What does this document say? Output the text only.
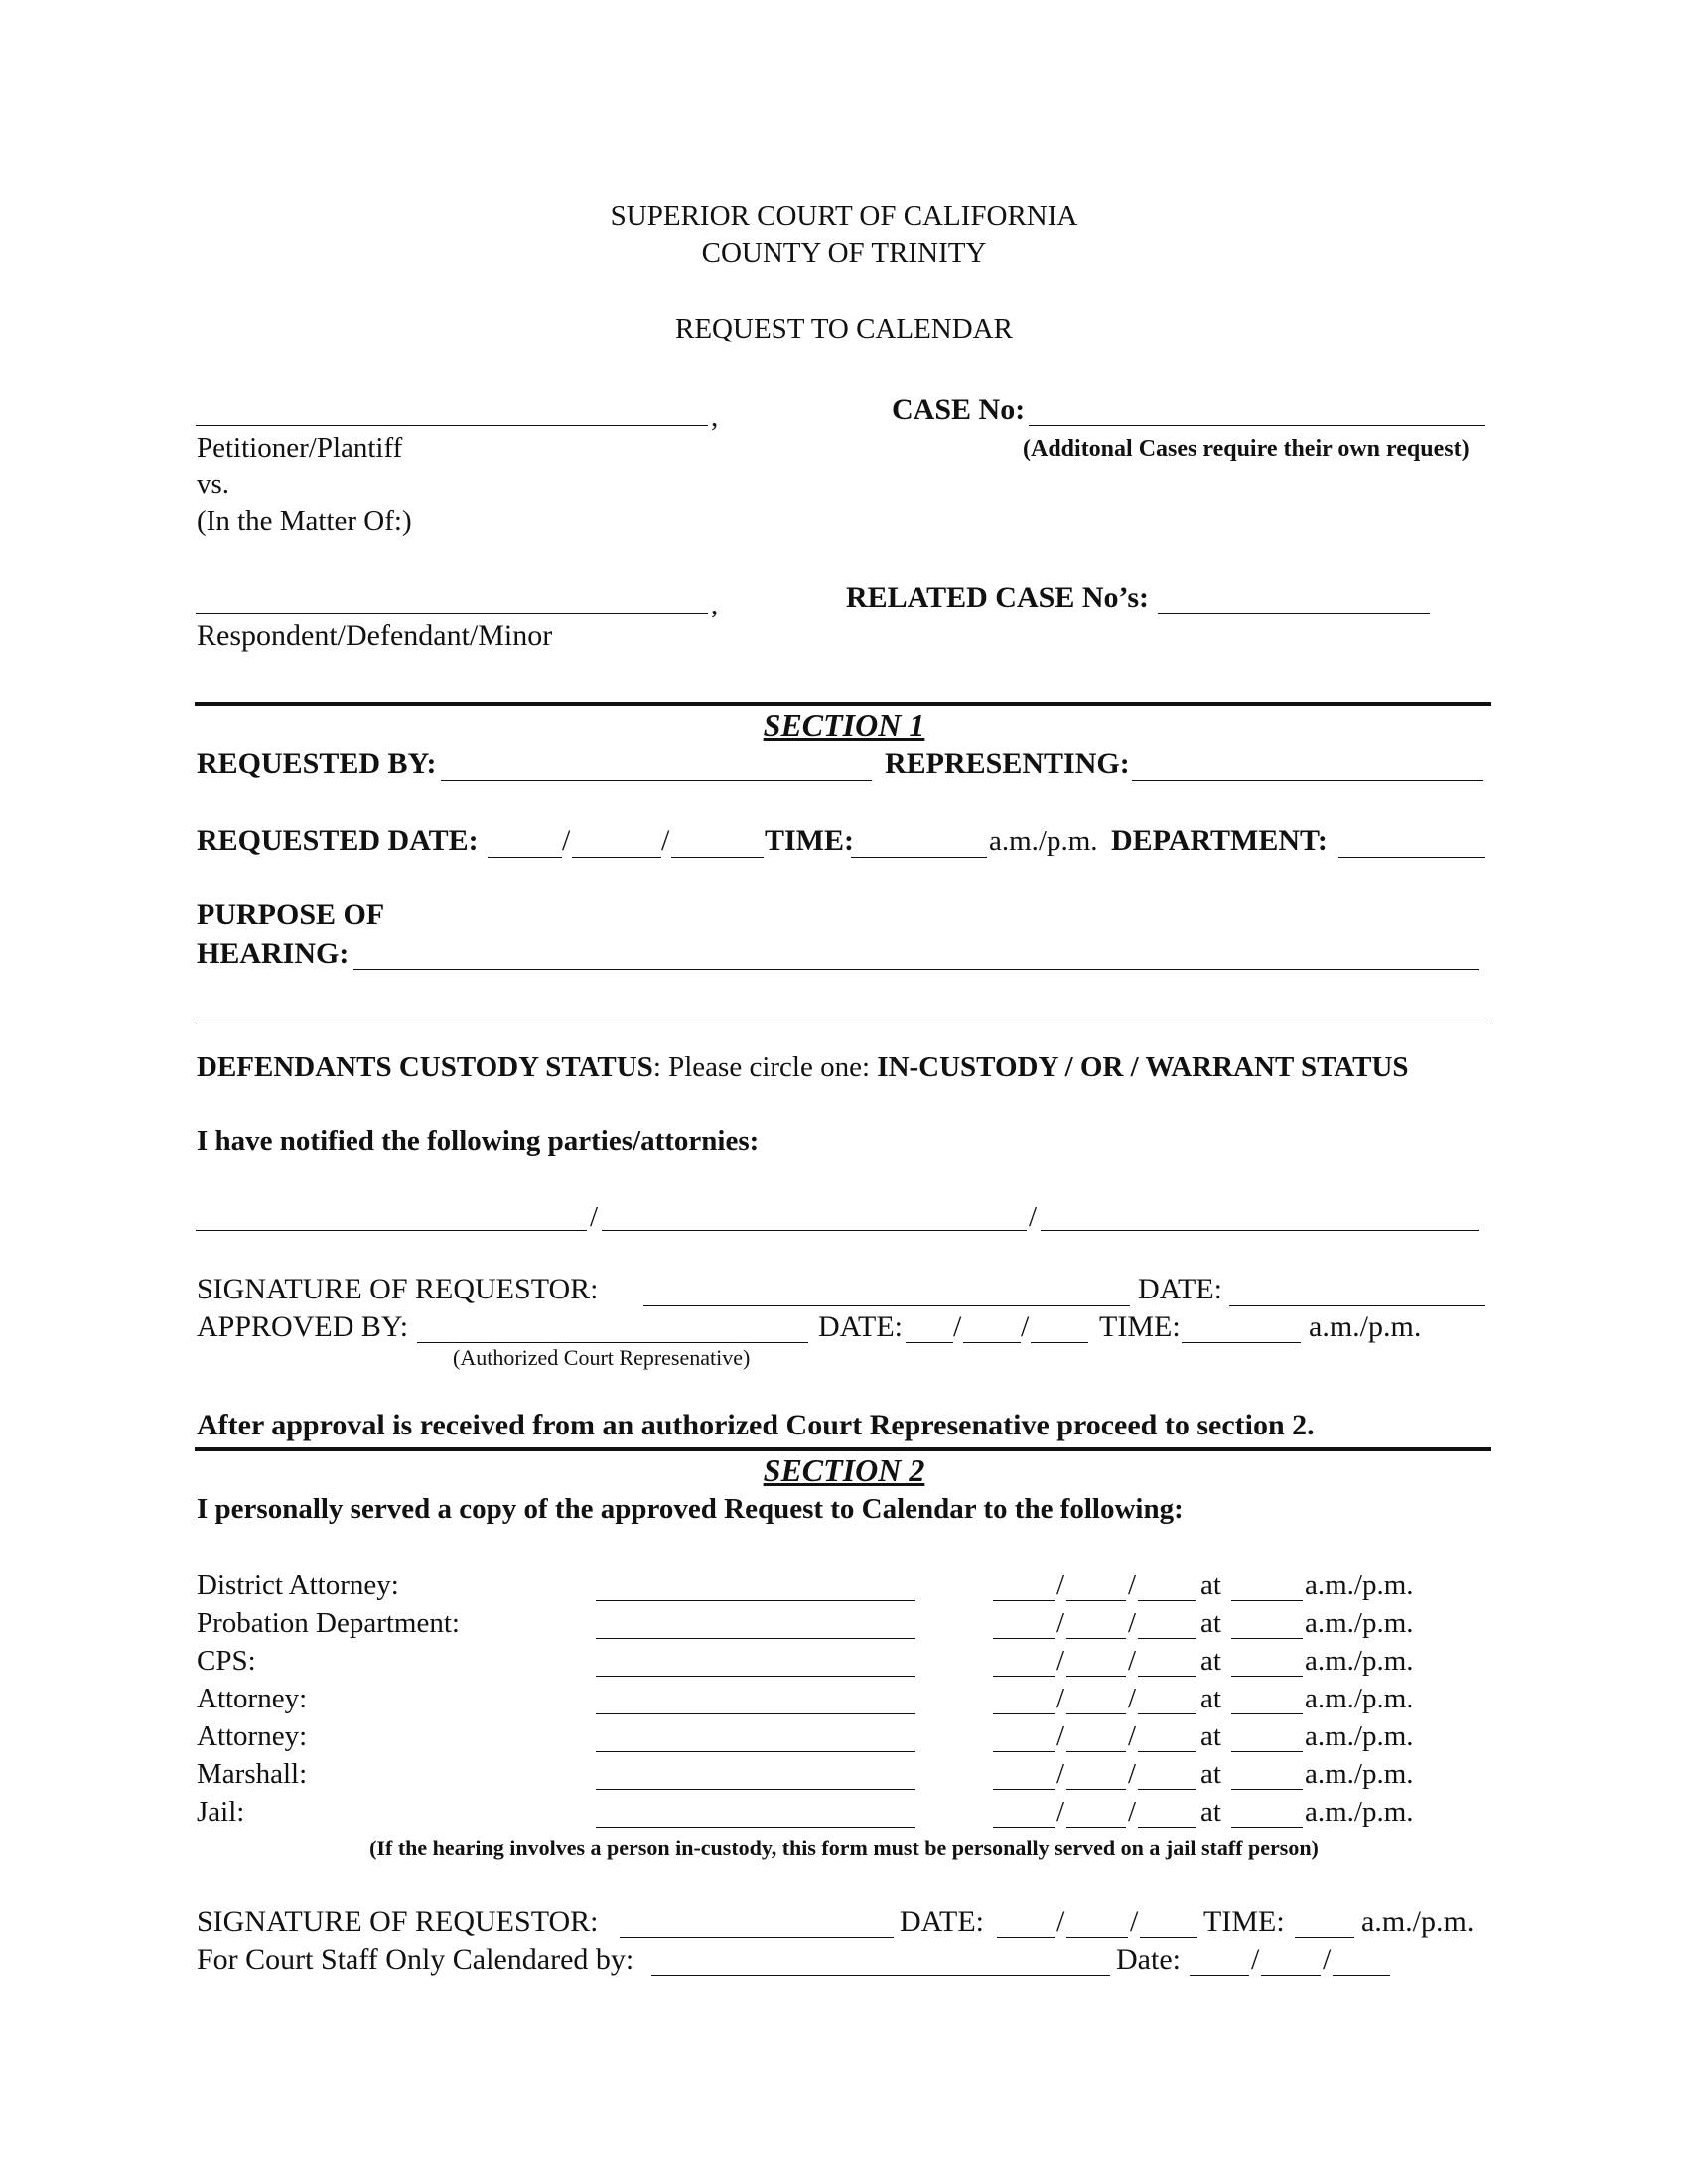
SUPERIOR COURT OF CALIFORNIA
COUNTY OF TRINITY
REQUEST TO CALENDAR
,
Petitioner/Plantiff
vs.
(In the Matter Of:)
CASE No:
(Additonal Cases require their own request)
,
Respondent/Defendant/Minor
RELATED CASE No’s:
SECTION 1
REQUESTED BY:	REPRESENTING:
REQUESTED DATE:	/	/	TIME:	a.m./p.m. DEPARTMENT:
PURPOSE OF
HEARING:
DEFENDANTS CUSTODY STATUS: Please circle one: IN-CUSTODY / OR / WARRANT STATUS
I have notified the following parties/attornies:
/	/
SIGNATURE OF REQUESTOR:	DATE:
APPROVED BY:	DATE: / / TIME:	a.m./p.m.
(Authorized Court Represenative)
After approval is received from an authorized Court Represenative proceed to section 2.
SECTION 2
I personally served a copy of the approved Request to Calendar to the following:
District Attorney:	/ / at	a.m./p.m.
Probation Department:	/ / at	a.m./p.m.
CPS:	/ / at	a.m./p.m.
Attorney:	/ / at	a.m./p.m.
Attorney:	/ / at	a.m./p.m.
Marshall:	/ / at	a.m./p.m.
Jail:	/ / at	a.m./p.m.
(If the hearing involves a person in-custody, this form must be personally served on a jail staff person)
SIGNATURE OF REQUESTOR:	DATE: / / TIME:	a.m./p.m.
For Court Staff Only Calendared by:	Date: / /
